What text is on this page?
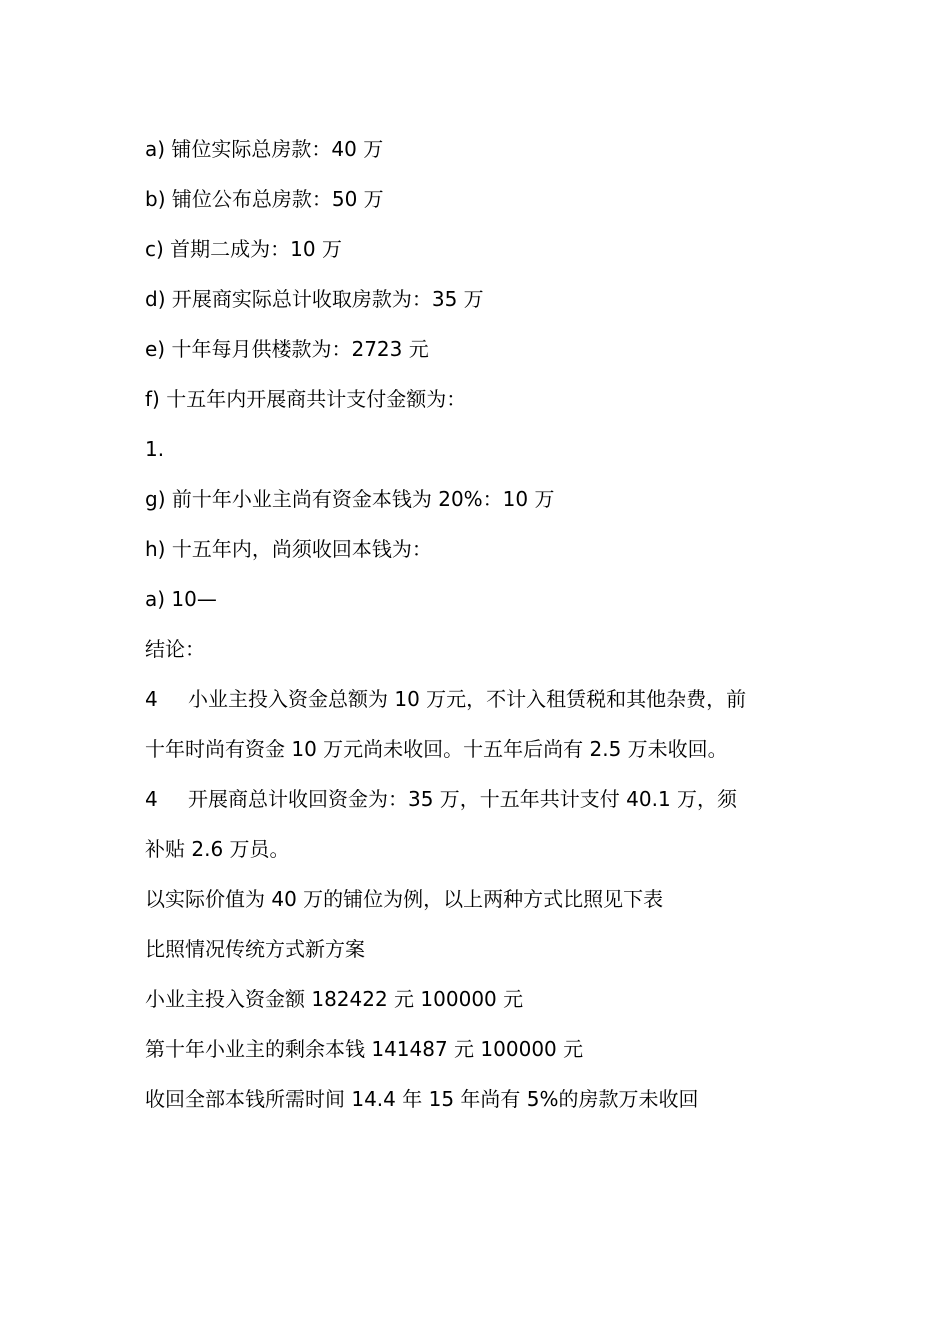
a) 铺位实际总房款：40 万
b) 铺位公布总房款：50 万
c) 首期二成为：10 万
d) 开展商实际总计收取房款为：35 万
e) 十年每月供楼款为：2723 元
f) 十五年内开展商共计支付金额为：
1.
g) 前十年小业主尚有资金本钱为 20%：10 万
h) 十五年内，尚须收回本钱为：
a) 10—
结论：
4 小业主投入资金总额为 10 万元，不计入租赁税和其他杂费，前
十年时尚有资金 10 万元尚未收回。十五年后尚有 2.5 万未收回。
4 开展商总计收回资金为：35 万，十五年共计支付 40.1 万，须
补贴 2.6 万员。
以实际价值为 40 万的铺位为例，以上两种方式比照见下表
比照情况传统方式新方案
小业主投入资金额 182422 元 100000 元
第十年小业主的剩余本钱 141487 元 100000 元
收回全部本钱所需时间 14.4 年 15 年尚有 5%的房款万未收回
